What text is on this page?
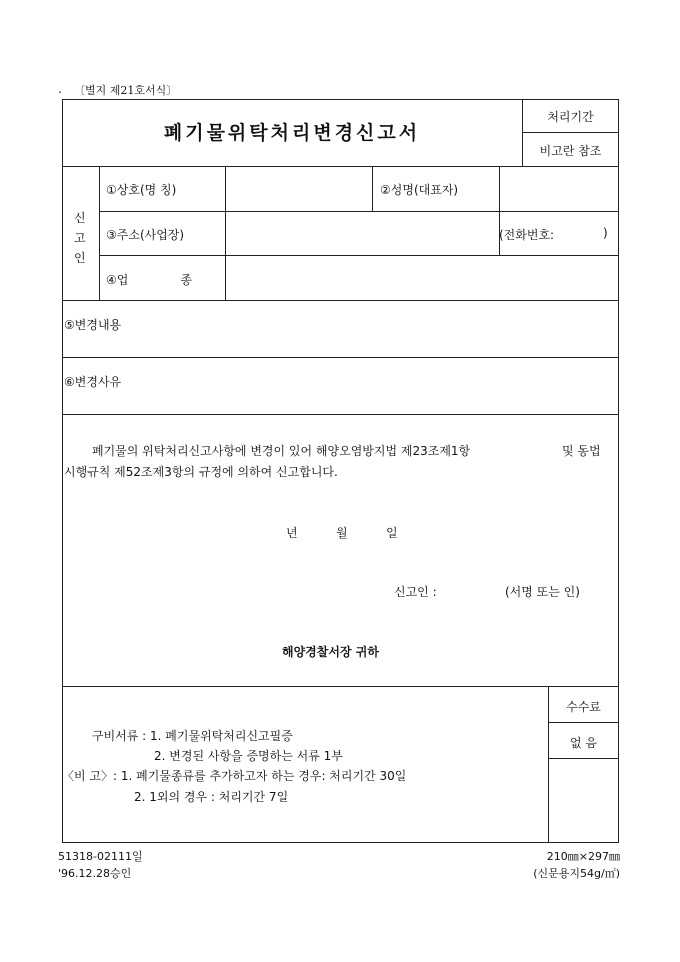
. 〔별지 제21호서식〕
폐기물위탁처리변경신고서
처리기간
비고란 참조
신
고
인
①상호(명 칭)	②성명(대표자)
③주소(사업장)	(전화번호:	)
④업	종
⑤변경내용
⑥변경사유
폐기물의 위탁처리신고사항에 변경이 있어 해양오염방지법 제23조제1항	및 동법
시행규칙 제52조제3항의 규정에 의하여 신고합니다.
년	월	일
신고인 :	(서명 또는 인)
해양경찰서장 귀하
수수료
없 음
구비서류 : 1. 폐기물위탁처리신고필증
2. 변경된 사항을 증명하는 서류 1부
〈비 고〉: 1. 폐기물종류를 추가하고자 하는 경우: 처리기간 30일
2. 1외의 경우 : 처리기간 7일
51318-02111일
'96.12.28승인
210㎜×297㎜
(신문용지54g/㎡)
